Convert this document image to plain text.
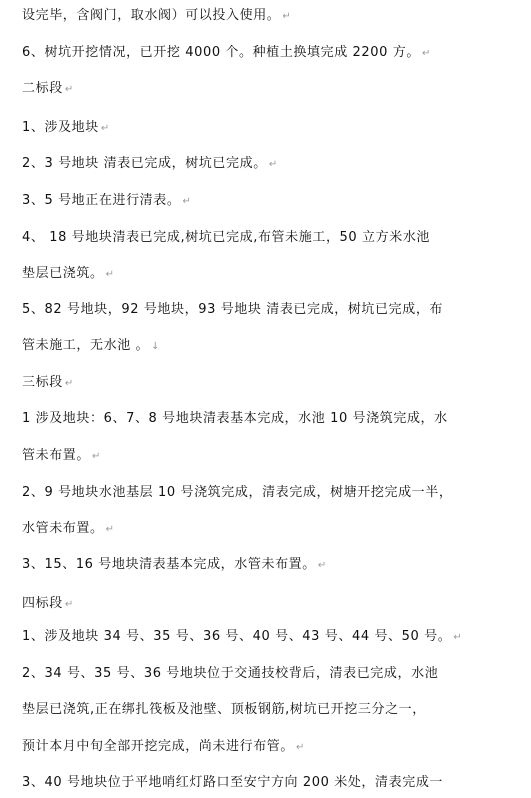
设完毕，含阀门，取水阀）可以投入使用。 ↵
6、树坑开挖情况，已开挖 4000 个。种植土换填完成 2200 方。 ↵
二标段 ↵
1、涉及地块 ↵
2、3 号地块 清表已完成，树坑已完成。 ↵
3、5 号地正在进行清表。 ↵
4、 18 号地块清表已完成,树坑已完成,布管未施工，50 立方米水池
垫层已浇筑。 ↵
5、82 号地块，92 号地块，93 号地块 清表已完成，树坑已完成，布
管未施工，无水池 。 ↓
三标段 ↵
1 涉及地块：6、7、8 号地块清表基本完成，水池 10 号浇筑完成，水
管未布置。 ↵
2、9 号地块水池基层 10 号浇筑完成，清表完成，树塘开挖完成一半，
水管未布置。 ↵
3、15、16 号地块清表基本完成，水管未布置。 ↵
四标段 ↵
1、涉及地块 34 号、35 号、36 号、40 号、43 号、44 号、50 号。 ↵
2、34 号、35 号、36 号地块位于交通技校背后，清表已完成，水池
垫层已浇筑,正在绑扎筏板及池壁、顶板钢筋,树坑已开挖三分之一，
预计本月中旬全部开挖完成，尚未进行布管。 ↵
3、40 号地块位于平地哨红灯路口至安宁方向 200 米处，清表完成一
